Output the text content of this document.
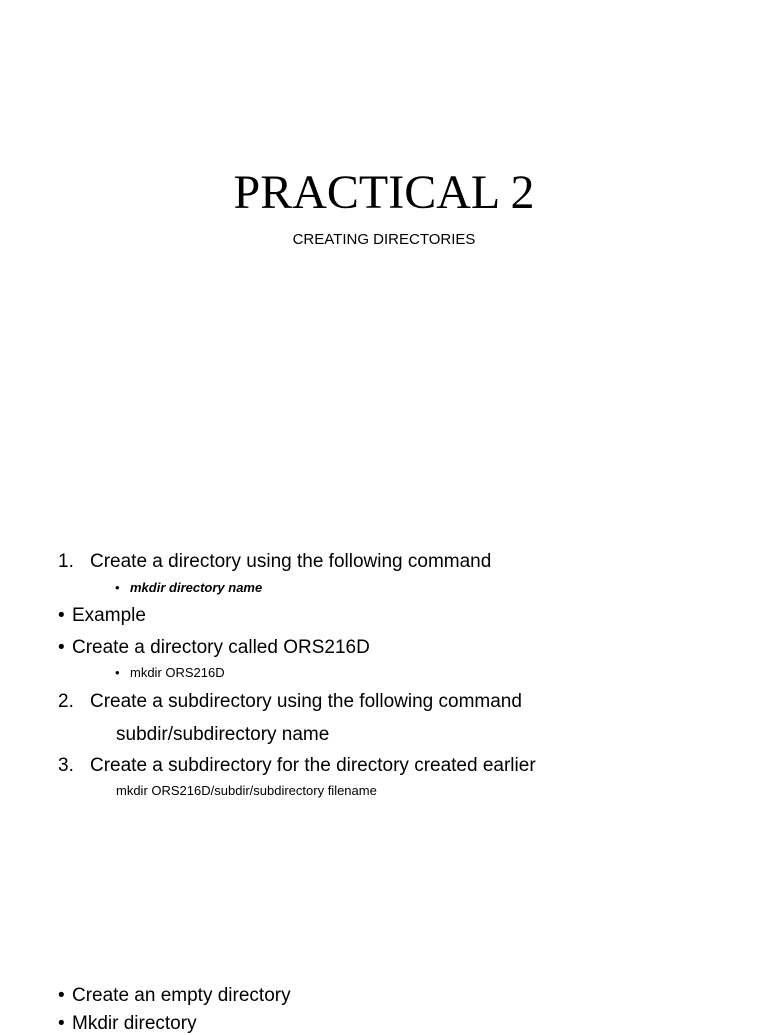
PRACTICAL 2
CREATING DIRECTORIES
1. Create a directory using the following command
• mkdir directory name
• Example
• Create a directory called ORS216D
• mkdir ORS216D
2. Create a subdirectory using the following command
subdir/subdirectory name
3. Create a subdirectory for the directory created earlier
mkdir ORS216D/subdir/subdirectory filename
• Create an empty directory
• Mkdir directory
